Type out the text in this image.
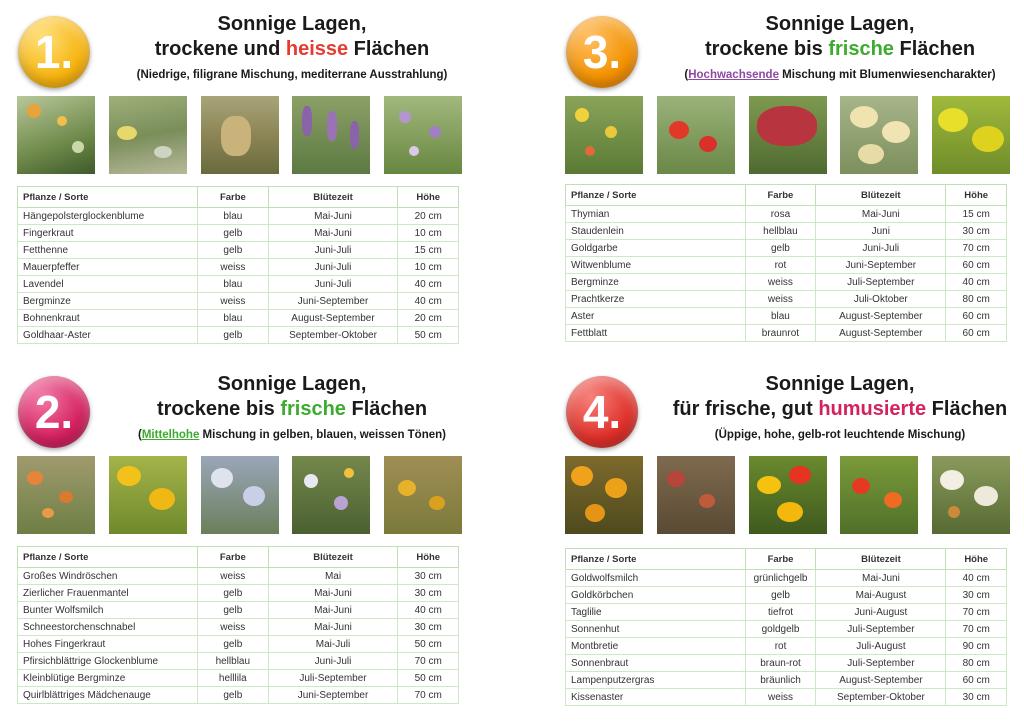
1.
Sonnige Lagen,
trockene und heisse Flächen
(Niedrige, filigrane Mischung, mediterrane Ausstrahlung)
Pflanze / Sorte	Farbe	Blütezeit	Höhe
Hängepolsterglockenblume	blau	Mai-Juni	20 cm
Fingerkraut	gelb	Mai-Juni	10 cm
Fetthenne	gelb	Juni-Juli	15 cm
Mauerpfeffer	weiss	Juni-Juli	10 cm
Lavendel	blau	Juni-Juli	40 cm
Bergminze	weiss	Juni-September	40 cm
Bohnenkraut	blau	August-September	20 cm
Goldhaar-Aster	gelb	September-Oktober	50 cm
3.
Sonnige Lagen,
trockene bis frische Flächen
(Hochwachsende Mischung mit Blumenwiesencharakter)
Pflanze / Sorte	Farbe	Blütezeit	Höhe
Thymian	rosa	Mai-Juni	15 cm
Staudenlein	hellblau	Juni	30 cm
Goldgarbe	gelb	Juni-Juli	70 cm
Witwenblume	rot	Juni-September	60 cm
Bergminze	weiss	Juli-September	40 cm
Prachtkerze	weiss	Juli-Oktober	80 cm
Aster	blau	August-September	60 cm
Fettblatt	braunrot	August-September	60 cm
2.
Sonnige Lagen,
trockene bis frische Flächen
(Mittelhohe Mischung in gelben, blauen, weissen Tönen)
Pflanze / Sorte	Farbe	Blütezeit	Höhe
Großes Windröschen	weiss	Mai	30 cm
Zierlicher Frauenmantel	gelb	Mai-Juni	30 cm
Bunter Wolfsmilch	gelb	Mai-Juni	40 cm
Schneestorchenschnabel	weiss	Mai-Juni	30 cm
Hohes Fingerkraut	gelb	Mai-Juli	50 cm
Pfirsichblättrige Glockenblume	hellblau	Juni-Juli	70 cm
Kleinblütige Bergminze	helllila	Juli-September	50 cm
Quirlblättriges Mädchenauge	gelb	Juni-September	70 cm
4.
Sonnige Lagen,
für frische, gut humusierte Flächen
(Üppige, hohe, gelb-rot leuchtende Mischung)
Pflanze / Sorte	Farbe	Blütezeit	Höhe
Goldwolfsmilch	grünlichgelb	Mai-Juni	40 cm
Goldkörbchen	gelb	Mai-August	30 cm
Taglilie	tiefrot	Juni-August	70 cm
Sonnenhut	goldgelb	Juli-September	70 cm
Montbretie	rot	Juli-August	90 cm
Sonnenbraut	braun-rot	Juli-September	80 cm
Lampenputzergras	bräunlich	August-September	60 cm
Kissenaster	weiss	September-Oktober	30 cm
